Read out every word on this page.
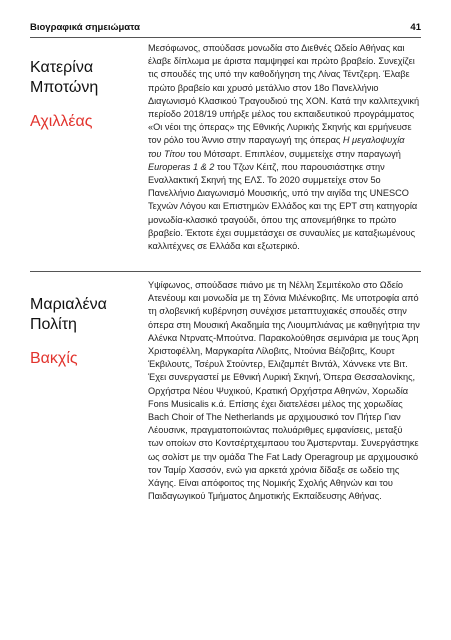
Βιογραφικά σημειώματα	41

Κατερίνα
Μποτώνη

Αχιλλέας

Μεσόφωνος, σπούδασε μονωδία στο Διεθνές Ωδείο Αθήνας και έλαβε δίπλωμα με άριστα παμψηφεί και πρώτο βραβείο. Συνεχίζει τις σπουδές της υπό την καθοδήγηση της Λίνας Τέντζερη. Έλαβε πρώτο βραβείο και χρυσό μετάλλιο στον 18ο Πανελλήνιο Διαγωνισμό Κλασικού Τραγουδιού της ΧΟΝ. Κατά την καλλιτεχνική περίοδο 2018/19 υπήρξε μέλος του εκπαιδευτικού προγράμματος «Οι νέοι της όπερας» της Εθνικής Λυρικής Σκηνής και ερμήνευσε τον ρόλο του Άννιο στην παραγωγή της όπερας Η μεγαλοψυχία του Τίτου του Μότσαρτ. Επιπλέον, συμμετείχε στην παραγωγή Europeras 1 & 2 του Τζων Κέιτζ, που παρουσιάστηκε στην Εναλλακτική Σκηνή της ΕΛΣ. Το 2020 συμμετείχε στον 5ο Πανελλήνιο Διαγωνισμό Μουσικής, υπό την αιγίδα της UNESCO Τεχνών Λόγου και Επιστημών Ελλάδος και της ΕΡΤ στη κατηγορία μονωδία-κλασικό τραγούδι, όπου της απονεμήθηκε το πρώτο βραβείο. Έκτοτε έχει συμμετάσχει σε συναυλίες με καταξιωμένους καλλιτέχνες σε Ελλάδα και εξωτερικό.

Μαριαλένα
Πολίτη

Βακχίς

Υψίφωνος, σπούδασε πιάνο με τη Νέλλη Σεμιτέκολο στο Ωδείο Ατενέουμ και μονωδία με τη Σόνια Μιλένκοβιτς. Με υποτροφία από τη σλοβενική κυβέρνηση συνέχισε μεταπτυχιακές σπουδές στην όπερα στη Μουσική Ακαδημία της Λιουμπλιάνας με καθηγήτρια την Αλένκα Ντρνατς-Μπούτνα. Παρακολούθησε σεμινάρια με τους Άρη Χριστοφέλλη, Μαργκαρίτα Λίλοβιτς, Ντούνια Βέιζοβιτς, Κουρτ Έκβιλουτς, Τσέρυλ Στούντερ, Ελιζαμπέτ Βιντάλ, Χάννεκε ντε Βιτ. Έχει συνεργαστεί με Εθνική Λυρική Σκηνή, Όπερα Θεσσαλονίκης, Ορχήστρα Νέου Ψυχικού, Κρατική Ορχήστρα Αθηνών, Χορωδία Fons Musicalis κ.ά. Επίσης έχει διατελέσει μέλος της χορωδίας Bach Choir of The Netherlands με αρχιμουσικό τον Πήτερ Γιαν Λέουσινκ, πραγματοποιώντας πολυάριθμες εμφανίσεις, μεταξύ των οποίων στο Κοντσέρτχεμπαου του Άμστερνταμ. Συνεργάστηκε ως σολίστ με την ομάδα The Fat Lady Operagroup με αρχιμουσικό τον Ταμίρ Χασσόν, ενώ για αρκετά χρόνια δίδαξε σε ωδείο της Χάγης. Είναι απόφοιτος της Νομικής Σχολής Αθηνών και του Παιδαγωγικού Τμήματος Δημοτικής Εκπαίδευσης Αθήνας.
